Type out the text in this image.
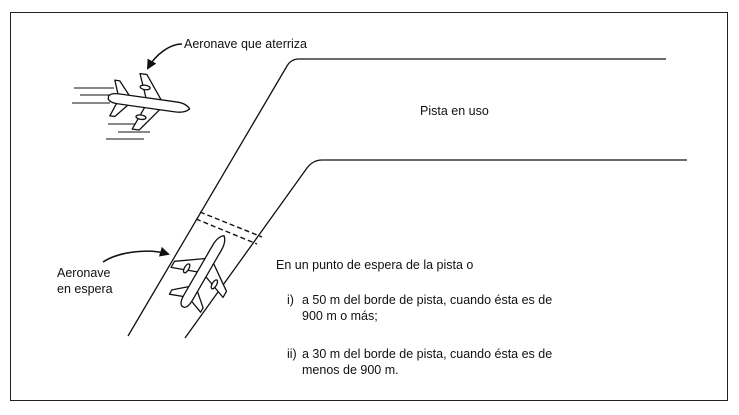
Aeronave que aterriza
Pista en uso
Aeronave
en espera
En un punto de espera de la pista o
i) a 50 m del borde de pista, cuando ésta es de
900 m o más;
ii) a 30 m del borde de pista, cuando ésta es de
menos de 900 m.
